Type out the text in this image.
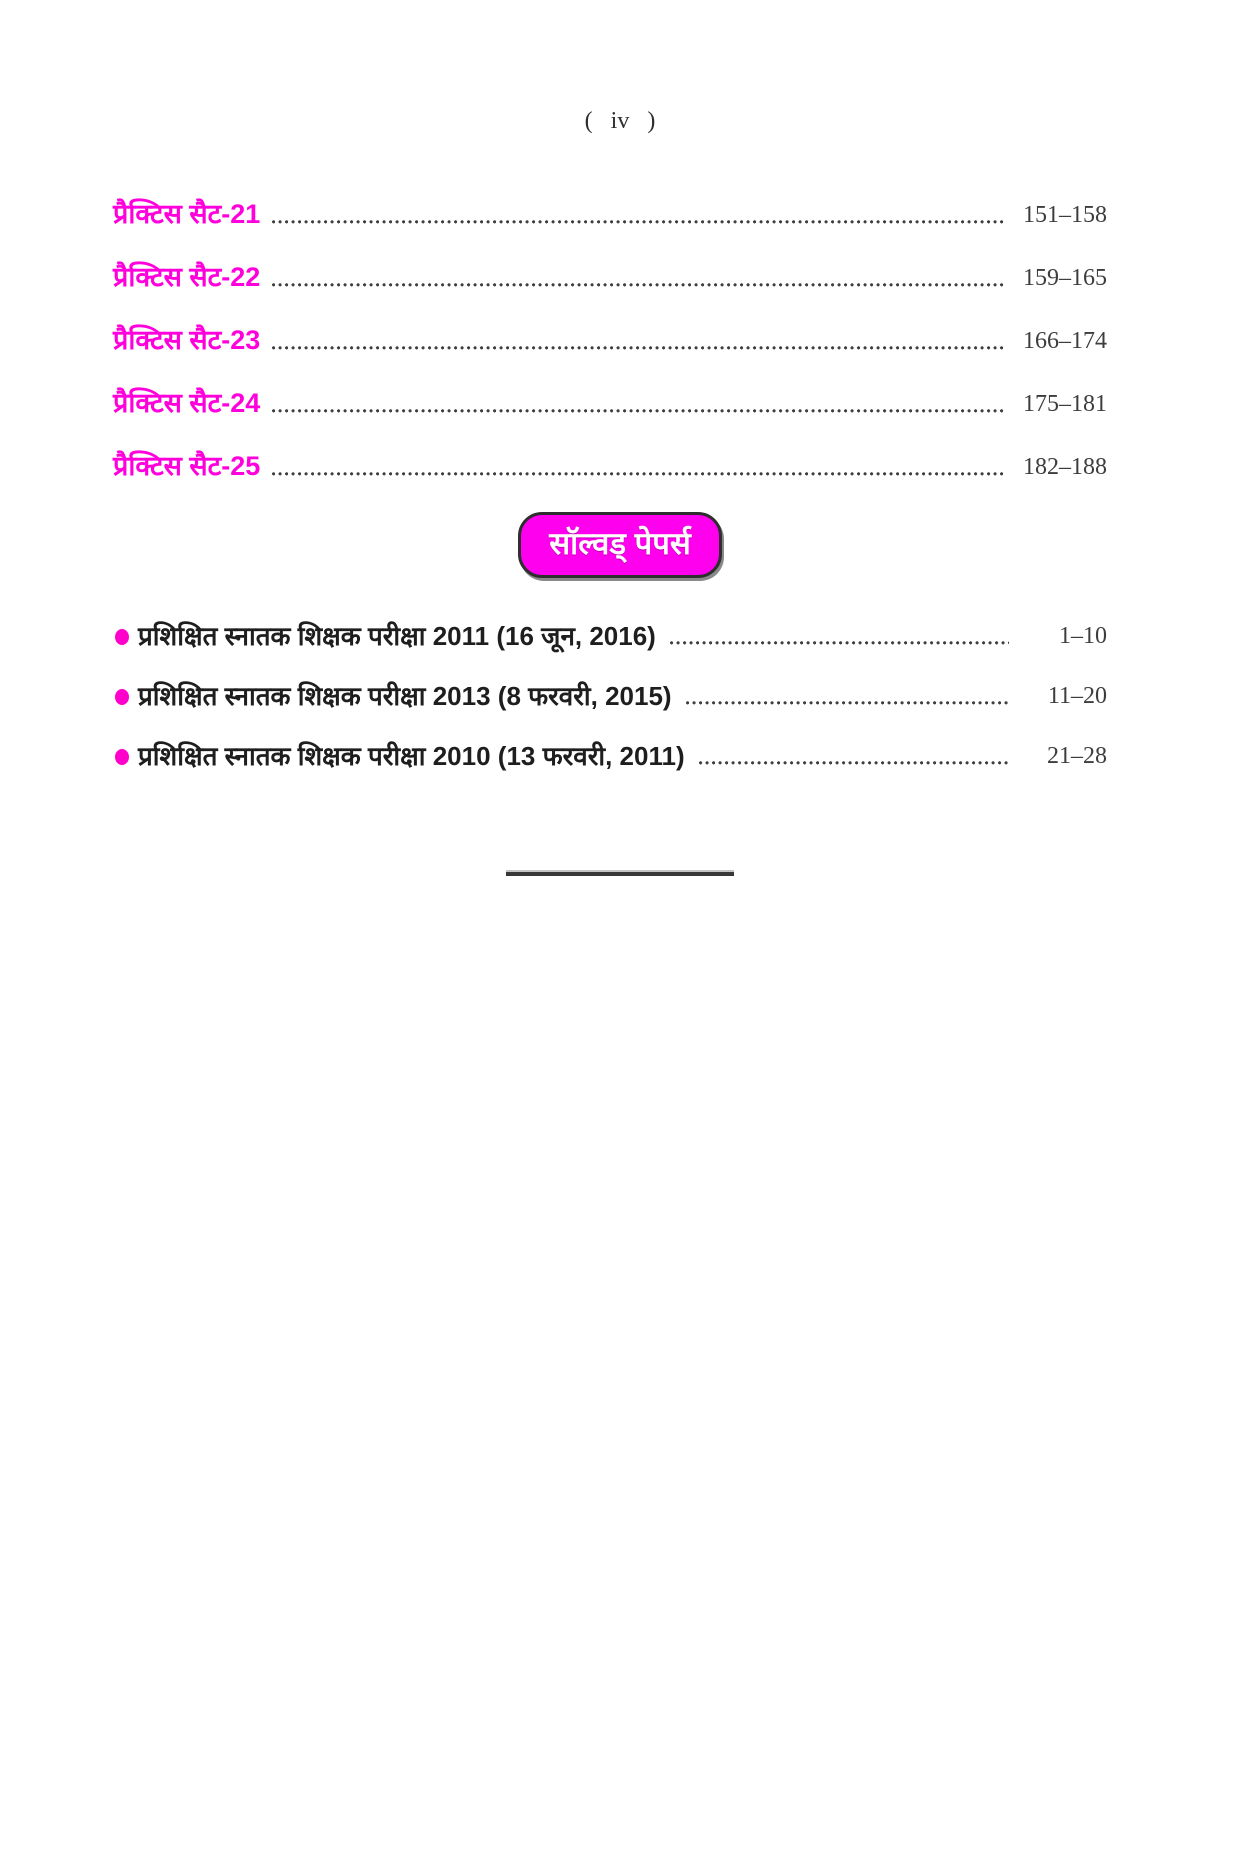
( iv )
प्रैक्टिस सैट-21	151–158
प्रैक्टिस सैट-22	159–165
प्रैक्टिस सैट-23	166–174
प्रैक्टिस सैट-24	175–181
प्रैक्टिस सैट-25	182–188
सॉल्वड् पेपर्स
प्रशिक्षित स्नातक शिक्षक परीक्षा 2011 (16 जून, 2016)	1–10
प्रशिक्षित स्नातक शिक्षक परीक्षा 2013 (8 फरवरी, 2015)	11–20
प्रशिक्षित स्नातक शिक्षक परीक्षा 2010 (13 फरवरी, 2011)	21–28
